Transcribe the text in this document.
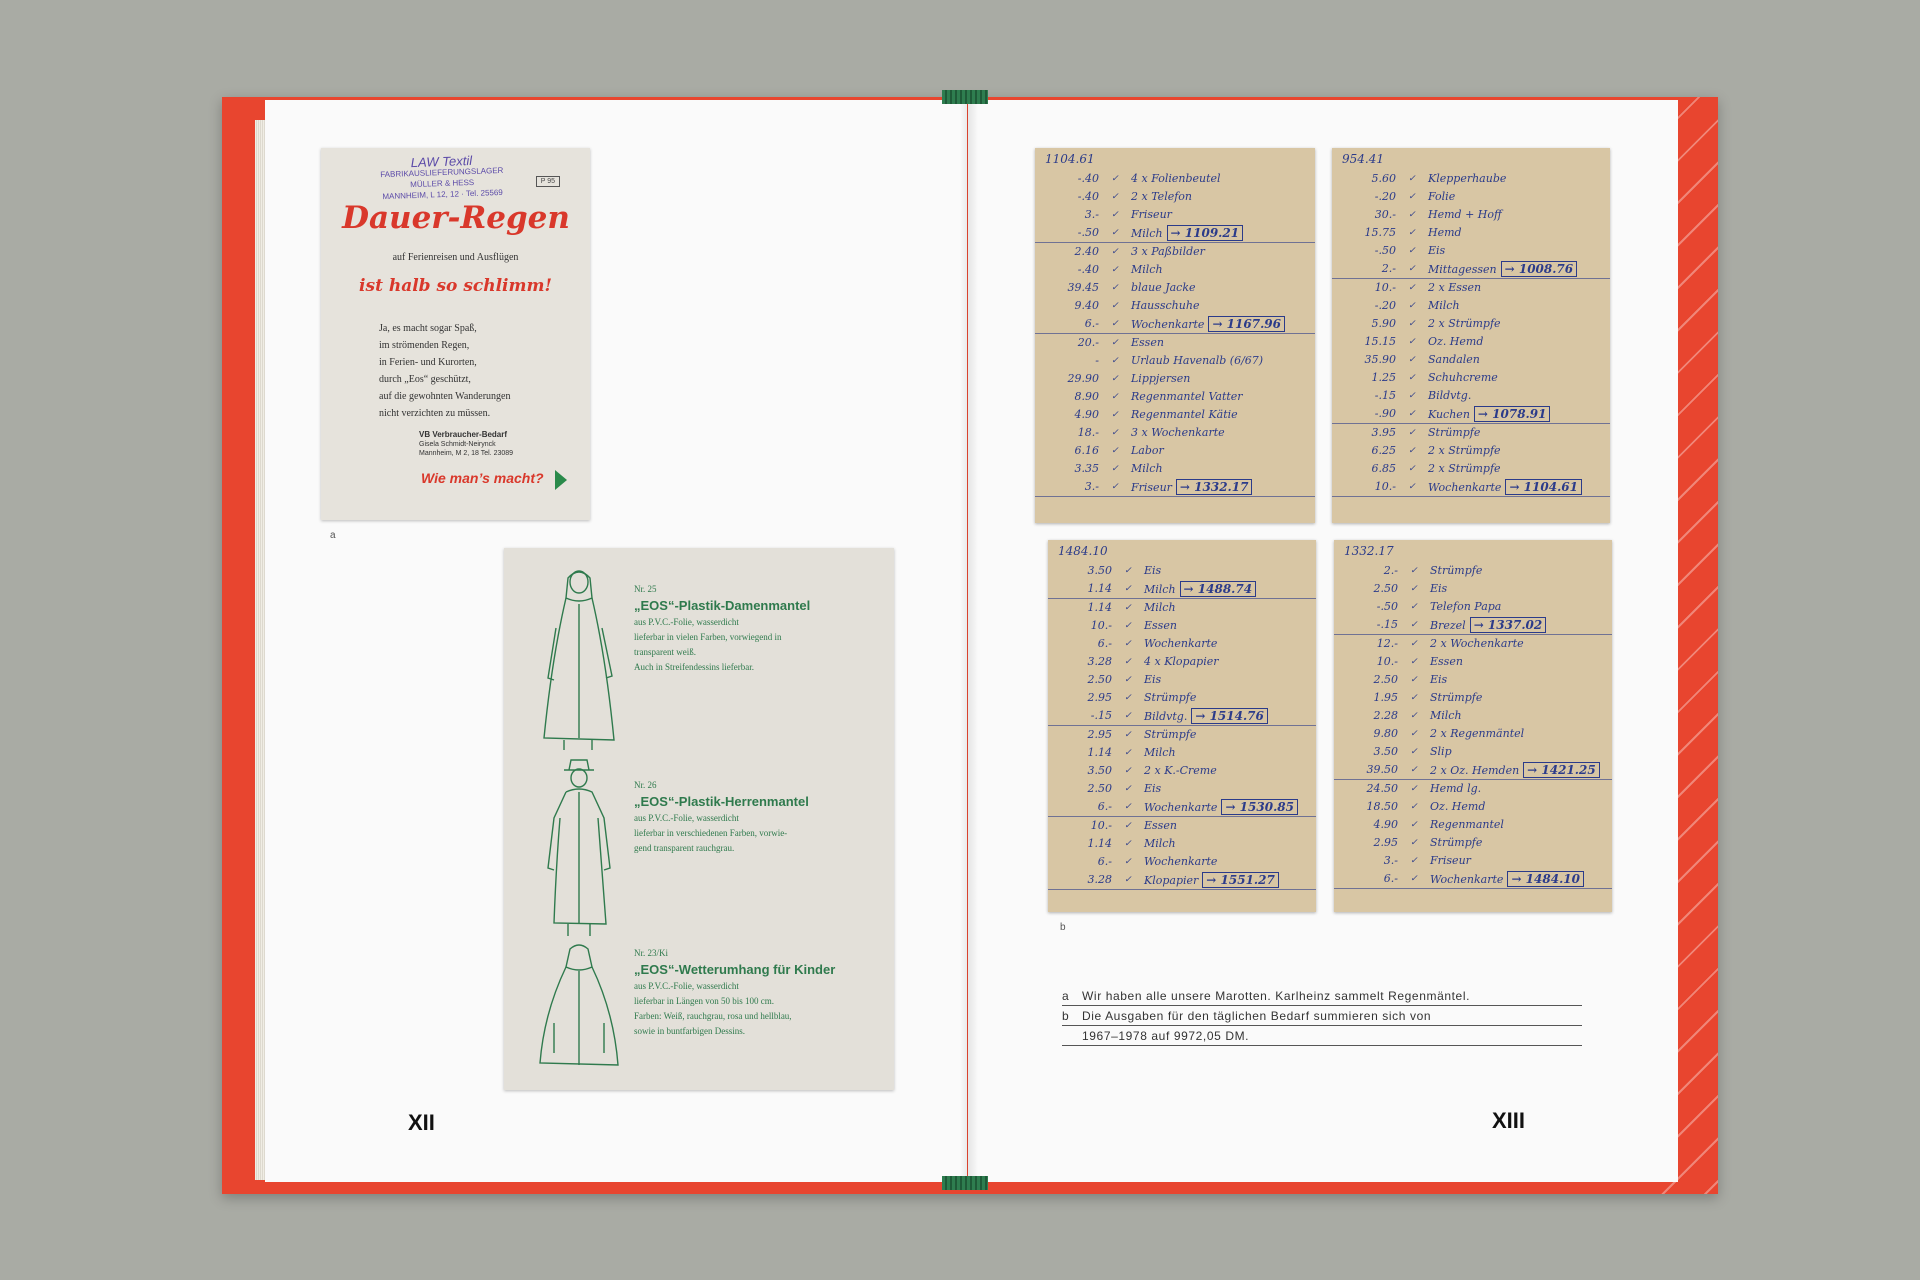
LAW Textil
FABRIKAUSLIEFERUNGSLAGER
MÜLLER & HESS
MANNHEIM, L 12, 12 · Tel. 25569
P 95
Dauer-Regen
auf Ferienreisen und Ausflügen
ist halb so schlimm!
Ja, es macht sogar Spaß,
im strömenden Regen,
in Ferien- und Kurorten,
durch „Eos“ geschützt,
auf die gewohnten Wanderungen
nicht verzichten zu müssen.
VB Verbraucher-Bedarf
Gisela Schmidt-Neirynck
Mannheim, M 2, 18 Tel. 23089
Wie man’s macht?
a
Nr. 25
„EOS“-Plastik-Damenmantel
aus P.V.C.-Folie, wasserdicht
lieferbar in vielen Farben, vorwiegend in
transparent weiß.
Auch in Streifendessins lieferbar.
Nr. 26
„EOS“-Plastik-Herrenmantel
aus P.V.C.-Folie, wasserdicht
lieferbar in verschiedenen Farben, vorwie-
gend transparent rauchgrau.
Nr. 23/Ki
„EOS“-Wetterumhang für Kinder
aus P.V.C.-Folie, wasserdicht
lieferbar in Längen von 50 bis 100 cm.
Farben: Weiß, rauchgrau, rosa und hellblau,
sowie in buntfarbigen Dessins.
XII	XIII
1104.61
-.40	✓	4 x Folienbeutel
-.40	✓	2 x Telefon
3.-	✓	Friseur
-.50	✓	Milch → 1109.21
2.40	✓	3 x Paßbilder
-.40	✓	Milch
39.45	✓	blaue Jacke
9.40	✓	Hausschuhe
6.-	✓	Wochenkarte → 1167.96
20.-	✓	Essen
-	✓	Urlaub Havenalb (6/67)
29.90	✓	Lippjersen
8.90	✓	Regenmantel Vatter
4.90	✓	Regenmantel Kätie
18.-	✓	3 x Wochenkarte
6.16	✓	Labor
3.35	✓	Milch
3.-	✓	Friseur → 1332.17
954.41
5.60	✓	Klepperhaube
-.20	✓	Folie
30.-	✓	Hemd + Hoff
15.75	✓	Hemd
-.50	✓	Eis
2.-	✓	Mittagessen → 1008.76
10.-	✓	2 x Essen
-.20	✓	Milch
5.90	✓	2 x Strümpfe
15.15	✓	Oz. Hemd
35.90	✓	Sandalen
1.25	✓	Schuhcreme
-.15	✓	Bildvtg.
-.90	✓	Kuchen → 1078.91
3.95	✓	Strümpfe
6.25	✓	2 x Strümpfe
6.85	✓	2 x Strümpfe
10.-	✓	Wochenkarte → 1104.61
1484.10
3.50	✓	Eis
1.14	✓	Milch → 1488.74
1.14	✓	Milch
10.-	✓	Essen
6.-	✓	Wochenkarte
3.28	✓	4 x Klopapier
2.50	✓	Eis
2.95	✓	Strümpfe
-.15	✓	Bildvtg. → 1514.76
2.95	✓	Strümpfe
1.14	✓	Milch
3.50	✓	2 x K.-Creme
2.50	✓	Eis
6.-	✓	Wochenkarte → 1530.85
10.-	✓	Essen
1.14	✓	Milch
6.-	✓	Wochenkarte
3.28	✓	Klopapier → 1551.27
1332.17
2.-	✓	Strümpfe
2.50	✓	Eis
-.50	✓	Telefon Papa
-.15	✓	Brezel → 1337.02
12.-	✓	2 x Wochenkarte
10.-	✓	Essen
2.50	✓	Eis
1.95	✓	Strümpfe
2.28	✓	Milch
9.80	✓	2 x Regenmäntel
3.50	✓	Slip
39.50	✓	2 x Oz. Hemden → 1421.25
24.50	✓	Hemd lg.
18.50	✓	Oz. Hemd
4.90	✓	Regenmantel
2.95	✓	Strümpfe
3.-	✓	Friseur
6.-	✓	Wochenkarte → 1484.10
b
a Wir haben alle unsere Marotten. Karlheinz sammelt Regenmäntel.
b Die Ausgaben für den täglichen Bedarf summieren sich von
1967–1978 auf 9972,05 DM.
